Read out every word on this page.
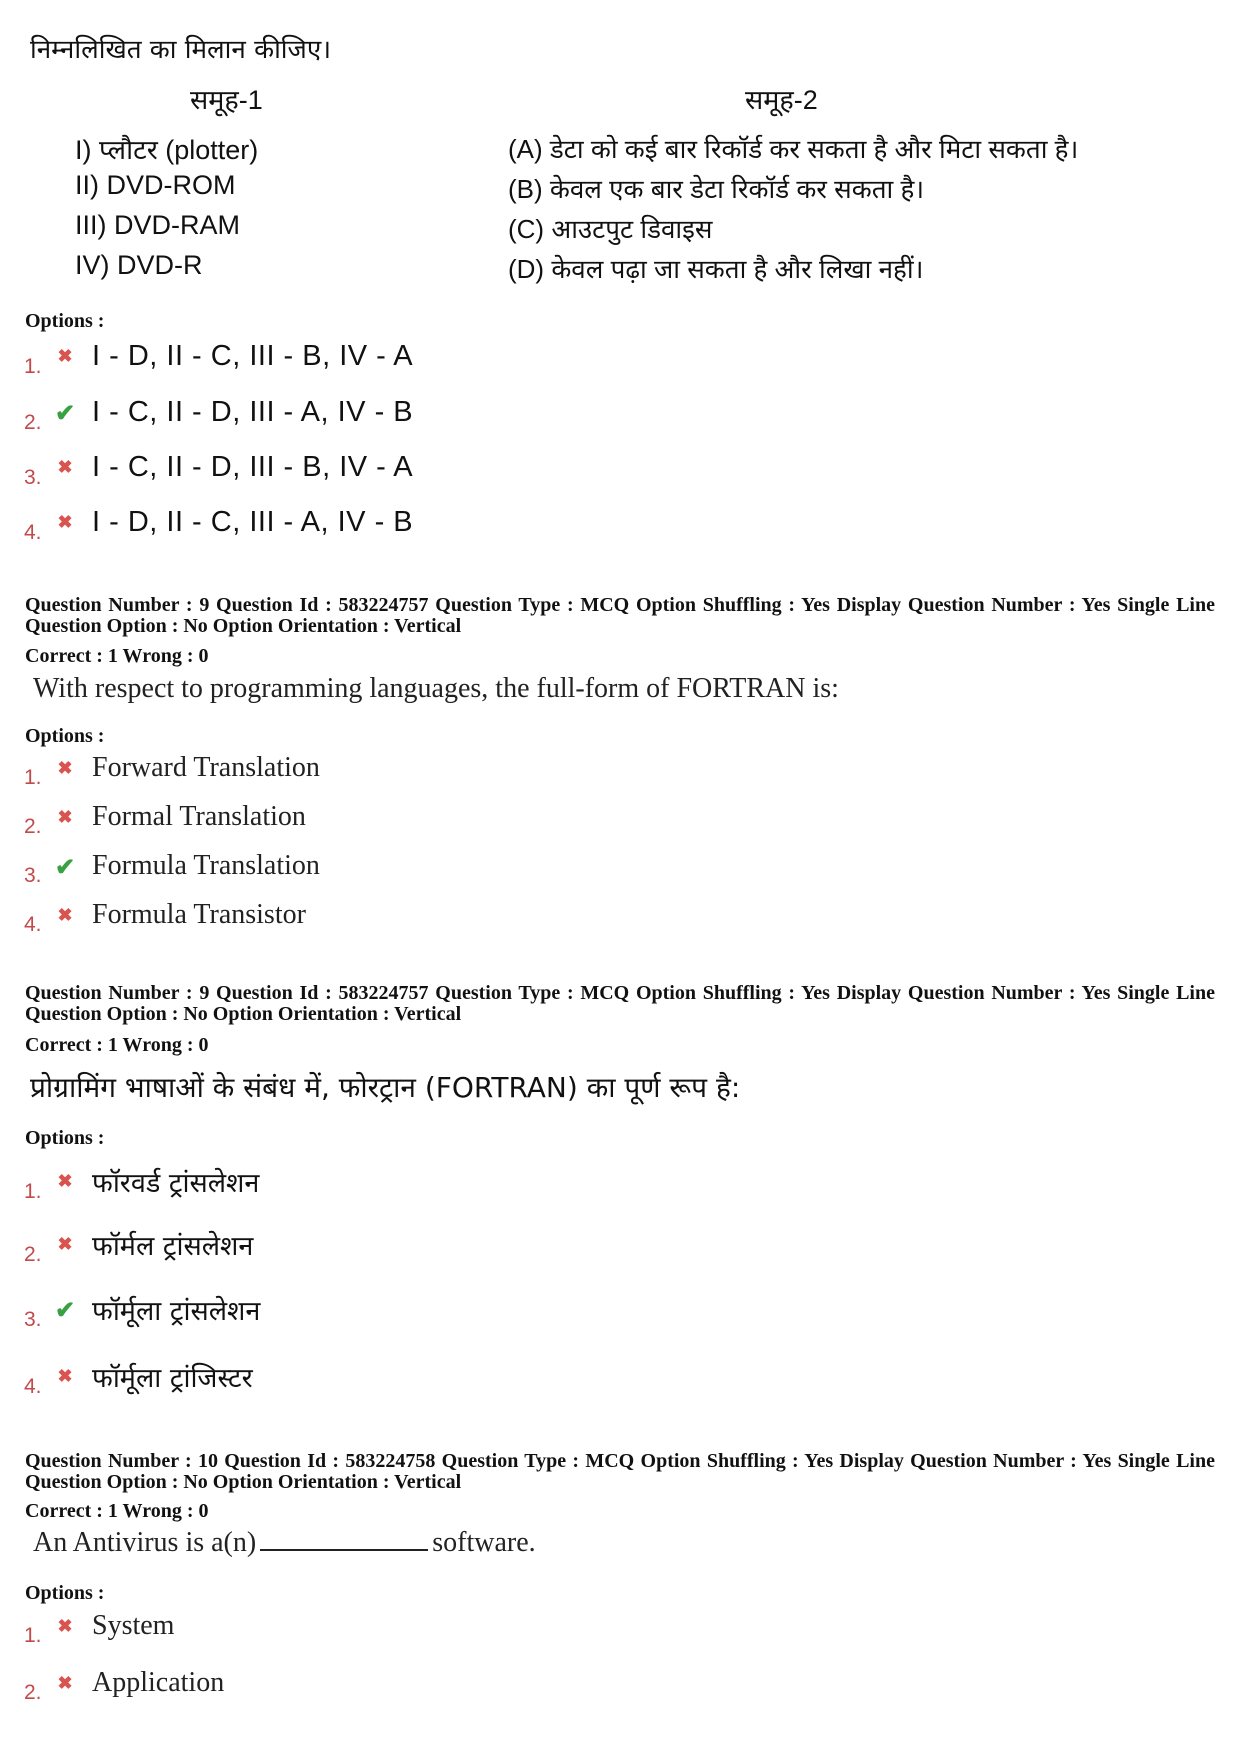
निम्नलिखित का मिलान कीजिए।
समूह-1	समूह-2
I) प्लौटर (plotter)
II) DVD-ROM
III) DVD-RAM
IV) DVD-R
(A) डेटा को कई बार रिकॉर्ड कर सकता है और मिटा सकता है।
(B) केवल एक बार डेटा रिकॉर्ड कर सकता है।
(C) आउटपुट डिवाइस
(D) केवल पढ़ा जा सकता है और लिखा नहीं।
Options :
1. ✖ I - D, II - C, III - B, IV - A
2. ✔ I - C, II - D, III - A, IV - B
3. ✖ I - C, II - D, III - B, IV - A
4. ✖ I - D, II - C, III - A, IV - B
Question Number : 9 Question Id : 583224757 Question Type : MCQ Option Shuffling : Yes Display Question Number : Yes Single Line Question Option : No Option Orientation : Vertical
Correct : 1 Wrong : 0
With respect to programming languages, the full-form of FORTRAN is:
Options :
1. ✖ Forward Translation
2. ✖ Formal Translation
3. ✔ Formula Translation
4. ✖ Formula Transistor
Question Number : 9 Question Id : 583224757 Question Type : MCQ Option Shuffling : Yes Display Question Number : Yes Single Line Question Option : No Option Orientation : Vertical
Correct : 1 Wrong : 0
प्रोग्रामिंग भाषाओं के संबंध में, फोरट्रान (FORTRAN) का पूर्ण रूप है:
Options :
1. ✖ फॉरवर्ड ट्रांसलेशन
2. ✖ फॉर्मल ट्रांसलेशन
3. ✔ फॉर्मूला ट्रांसलेशन
4. ✖ फॉर्मूला ट्रांजिस्टर
Question Number : 10 Question Id : 583224758 Question Type : MCQ Option Shuffling : Yes Display Question Number : Yes Single Line Question Option : No Option Orientation : Vertical
Correct : 1 Wrong : 0
An Antivirus is a(n)	software.
Options :
1. ✖ System
2. ✖ Application
